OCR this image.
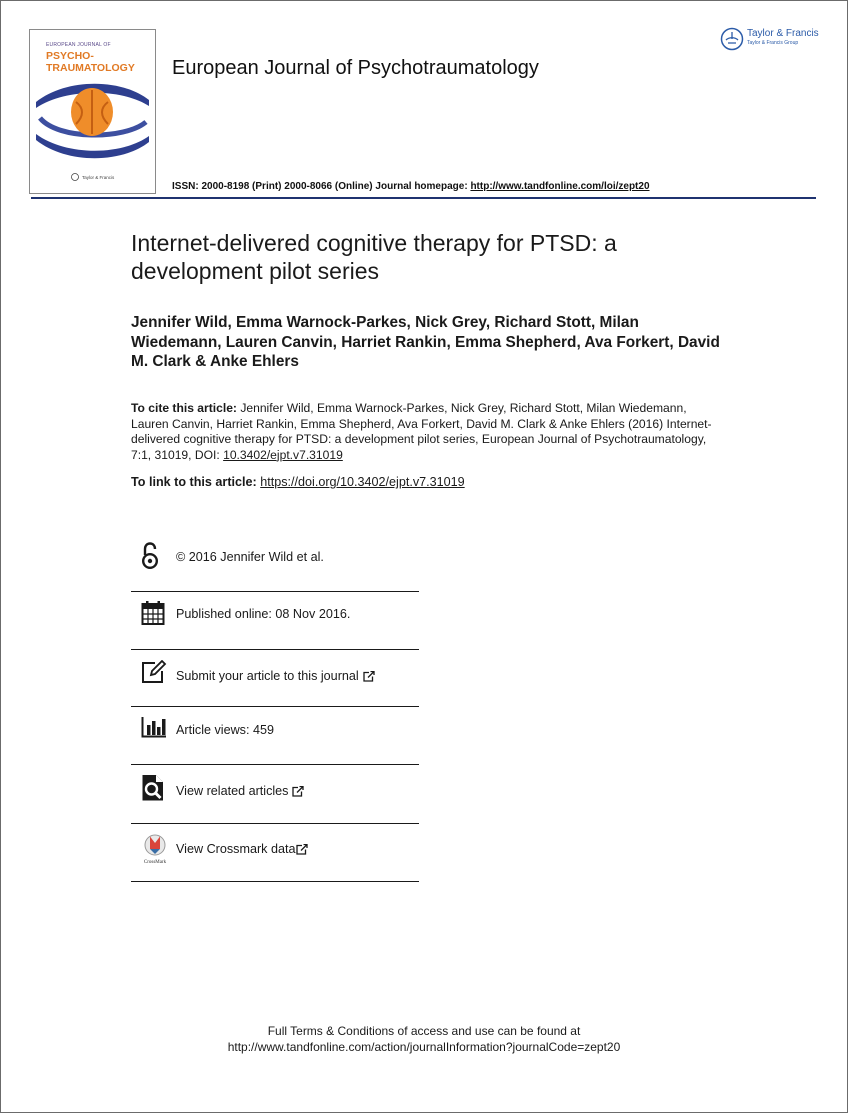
EUROPEAN JOURNAL OF
PSYCHO-
TRAUMATOLOGY
Taylor & Francis
European Journal of Psychotraumatology
Taylor & Francis
Taylor & Francis Group
ISSN: 2000-8198 (Print) 2000-8066 (Online) Journal homepage: http://www.tandfonline.com/loi/zept20
Internet-delivered cognitive therapy for PTSD: a development pilot series
Jennifer Wild, Emma Warnock-Parkes, Nick Grey, Richard Stott, Milan Wiedemann, Lauren Canvin, Harriet Rankin, Emma Shepherd, Ava Forkert, David M. Clark & Anke Ehlers
To cite this article: Jennifer Wild, Emma Warnock-Parkes, Nick Grey, Richard Stott, Milan Wiedemann, Lauren Canvin, Harriet Rankin, Emma Shepherd, Ava Forkert, David M. Clark & Anke Ehlers (2016) Internet-delivered cognitive therapy for PTSD: a development pilot series, European Journal of Psychotraumatology, 7:1, 31019, DOI: 10.3402/ejpt.v7.31019
To link to this article: https://doi.org/10.3402/ejpt.v7.31019
© 2016 Jennifer Wild et al.
Published online: 08 Nov 2016.
Submit your article to this journal
Article views: 459
View related articles
CrossMark
View Crossmark data
Full Terms & Conditions of access and use can be found at
http://www.tandfonline.com/action/journalInformation?journalCode=zept20
